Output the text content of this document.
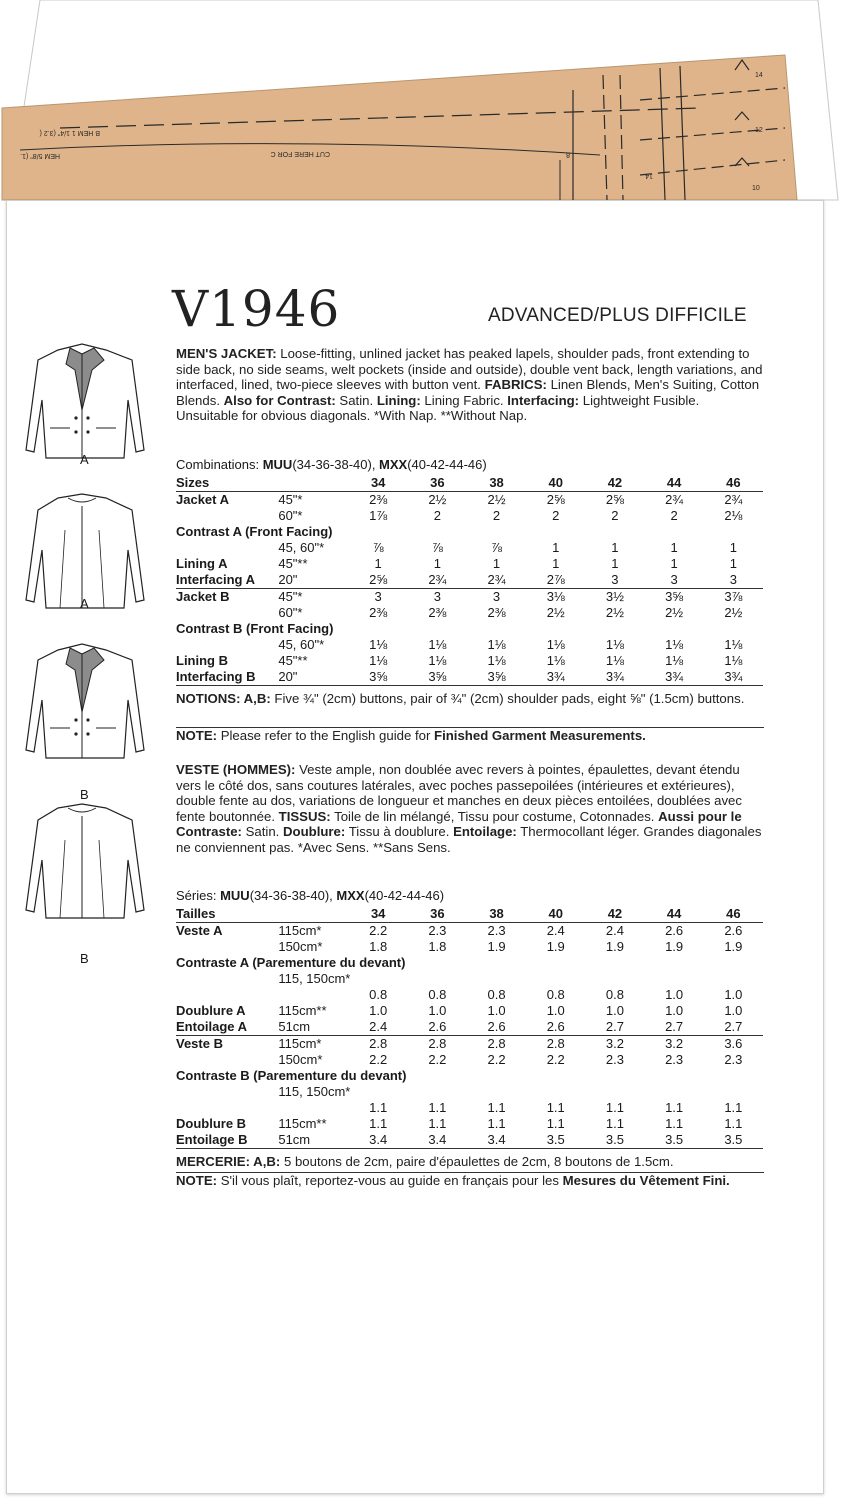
14
12
10
14
8
CUT HERE FOR C
HEM 5/8" (1.
B HEM 1 1/4" (3.2 (
V1946	ADVANCED/PLUS DIFFICILE
A
A
B
B
MEN'S JACKET: Loose-fitting, unlined jacket has peaked lapels, shoulder pads, front extending to side back, no side seams, welt pockets (inside and outside), double vent back, length variations, and interfaced, lined, two-piece sleeves with button vent. FABRICS: Linen Blends, Men's Suiting, Cotton Blends. Also for Contrast: Satin. Lining: Lining Fabric. Interfacing: Lightweight Fusible. Unsuitable for obvious diagonals. *With Nap. **Without Nap.
Combinations: MUU(34-36-38-40), MXX(40-42-44-46)
Sizes		34	36	38	40	42	44	46
Jacket A	45"*	2⅜	2½	2½	2⅝	2⅝	2¾	2¾
	60"*	1⅞	2	2	2	2	2	2⅛
Contrast A (Front Facing)								
	45, 60"*	⅞	⅞	⅞	1	1	1	1
Lining A	45"**	1	1	1	1	1	1	1
Interfacing A	20"	2⅝	2¾	2¾	2⅞	3	3	3
Jacket B	45"*	3	3	3	3⅛	3½	3⅝	3⅞
	60"*	2⅜	2⅜	2⅜	2½	2½	2½	2½
Contrast B (Front Facing)								
	45, 60"*	1⅛	1⅛	1⅛	1⅛	1⅛	1⅛	1⅛
Lining B	45"**	1⅛	1⅛	1⅛	1⅛	1⅛	1⅛	1⅛
Interfacing B	20"	3⅝	3⅝	3⅝	3¾	3¾	3¾	3¾
NOTIONS: A,B: Five ¾" (2cm) buttons, pair of ¾" (2cm) shoulder pads, eight ⅝" (1.5cm) buttons.
NOTE: Please refer to the English guide for Finished Garment Measurements.
VESTE (HOMMES): Veste ample, non doublée avec revers à pointes, épaulettes, devant étendu vers le côté dos, sans coutures latérales, avec poches passepoilées (intérieures et extérieures), double fente au dos, variations de longueur et manches en deux pièces entoilées, doublées avec fente boutonnée. TISSUS: Toile de lin mélangé, Tissu pour costume, Cotonnades. Aussi pour le Contraste: Satin. Doublure: Tissu à doublure. Entoilage: Thermocollant léger. Grandes diagonales ne conviennent pas. *Avec Sens. **Sans Sens.
Séries: MUU(34-36-38-40), MXX(40-42-44-46)
Tailles		34	36	38	40	42	44	46
Veste A	115cm*	2.2	2.3	2.3	2.4	2.4	2.6	2.6
	150cm*	1.8	1.8	1.9	1.9	1.9	1.9	1.9
Contraste A (Parementure du devant)								
	115, 150cm*							
		0.8	0.8	0.8	0.8	0.8	1.0	1.0
Doublure A	115cm**	1.0	1.0	1.0	1.0	1.0	1.0	1.0
Entoilage A	51cm	2.4	2.6	2.6	2.6	2.7	2.7	2.7
Veste B	115cm*	2.8	2.8	2.8	2.8	3.2	3.2	3.6
	150cm*	2.2	2.2	2.2	2.2	2.3	2.3	2.3
Contraste B (Parementure du devant)								
	115, 150cm*							
		1.1	1.1	1.1	1.1	1.1	1.1	1.1
Doublure B	115cm**	1.1	1.1	1.1	1.1	1.1	1.1	1.1
Entoilage B	51cm	3.4	3.4	3.4	3.5	3.5	3.5	3.5
MERCERIE: A,B: 5 boutons de 2cm, paire d'épaulettes de 2cm, 8 boutons de 1.5cm.
NOTE: S'il vous plaît, reportez-vous au guide en français pour les Mesures du Vêtement Fini.
